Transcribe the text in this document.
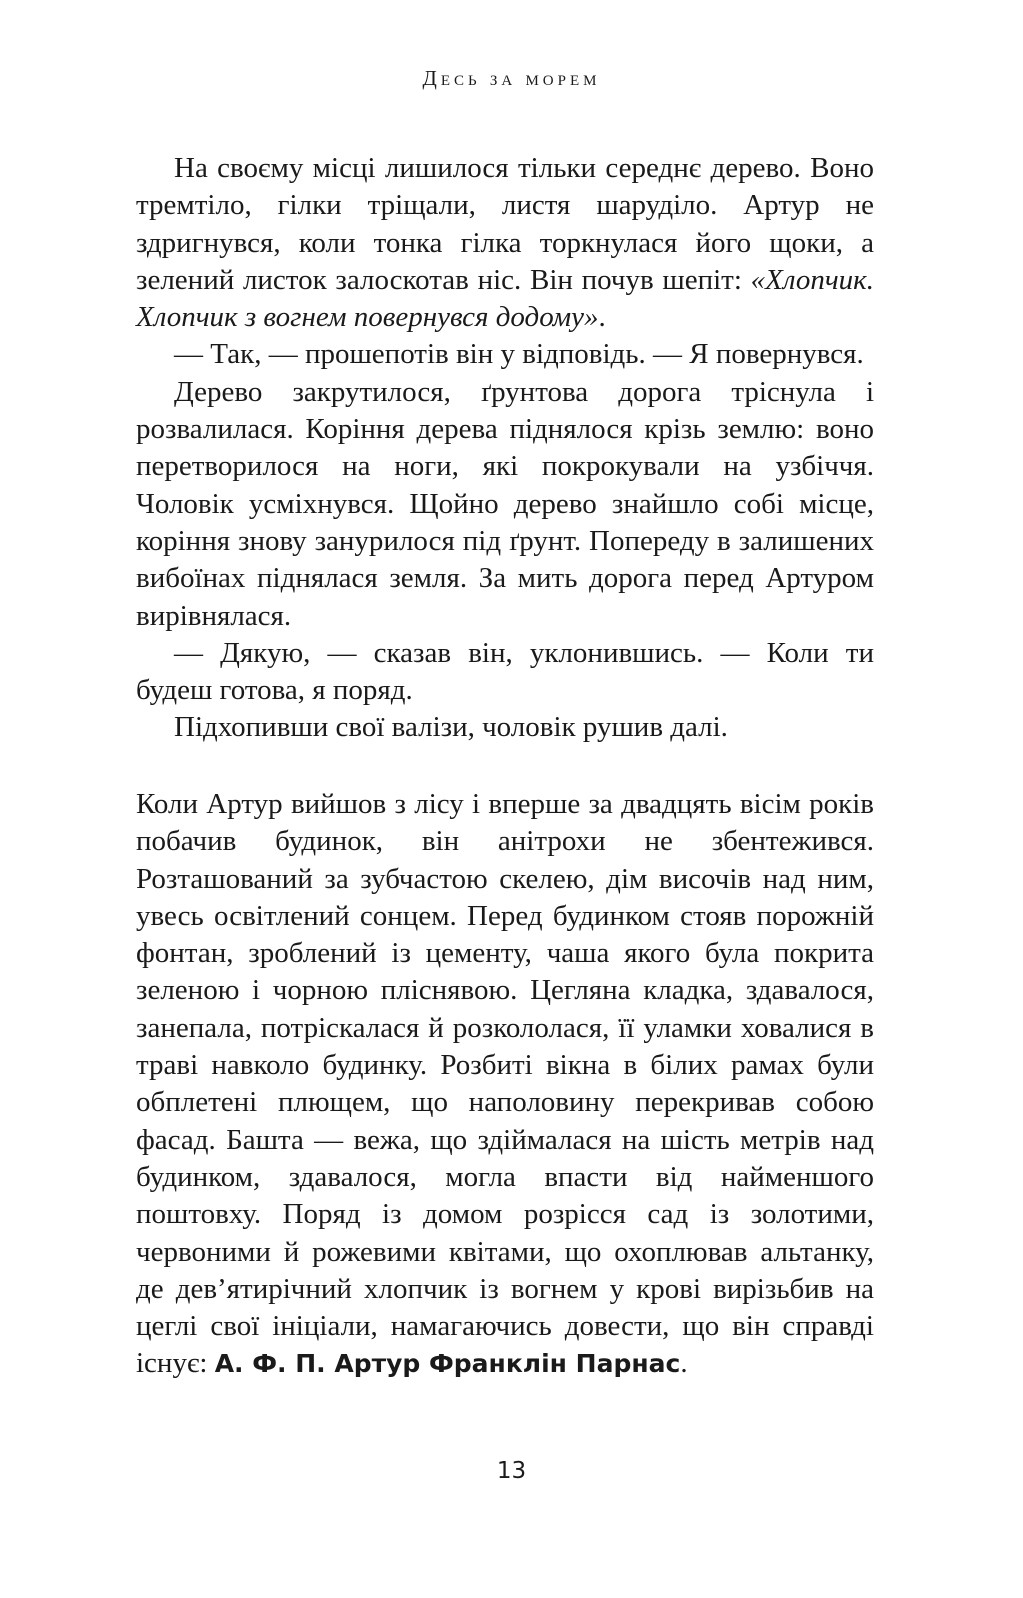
Десь за морем

На своєму місці лишилося тільки середнє дерево. Воно тремтіло, гілки тріщали, листя шаруділо. Артур не здригнувся, коли тонка гілка торкнулася його щоки, а зелений листок залоскотав ніс. Він почув шепіт: «Хлопчик. Хлопчик з вогнем повернувся додому».

— Так, — прошепотів він у відповідь. — Я повернувся.

Дерево закрутилося, ґрунтова дорога тріснула і розвалилася. Коріння дерева піднялося крізь землю: воно перетворилося на ноги, які покрокували на узбіччя. Чоловік усміхнувся. Щойно дерево знайшло собі місце, коріння знову занурилося під ґрунт. Попереду в залишених вибоїнах піднялася земля. За мить дорога перед Артуром вирівнялася.

— Дякую, — сказав він, уклонившись. — Коли ти будеш готова, я поряд.

Підхопивши свої валізи, чоловік рушив далі.

Коли Артур вийшов з лісу і вперше за двадцять вісім років побачив будинок, він анітрохи не збентежився. Розташований за зубчастою скелею, дім височів над ним, увесь освітлений сонцем. Перед будинком стояв порожній фонтан, зроблений із цементу, чаша якого була покрита зеленою і чорною пліснявою. Цегляна кладка, здавалося, занепала, потріскалася й розкололася, її уламки ховалися в траві навколо будинку. Розбиті вікна в білих рамах були обплетені плющем, що наполовину перекривав собою фасад. Башта — вежа, що здіймалася на шість метрів над будинком, здавалося, могла впасти від найменшого поштовху. Поряд із домом розрісся сад із золотими, червоними й рожевими квітами, що охоплював альтанку, де дев’ятирічний хлопчик із вогнем у крові вирізьбив на цеглі свої ініціали, намагаючись довести, що він справді існує: А. Ф. П. Артур Франклін Парнас.

13
